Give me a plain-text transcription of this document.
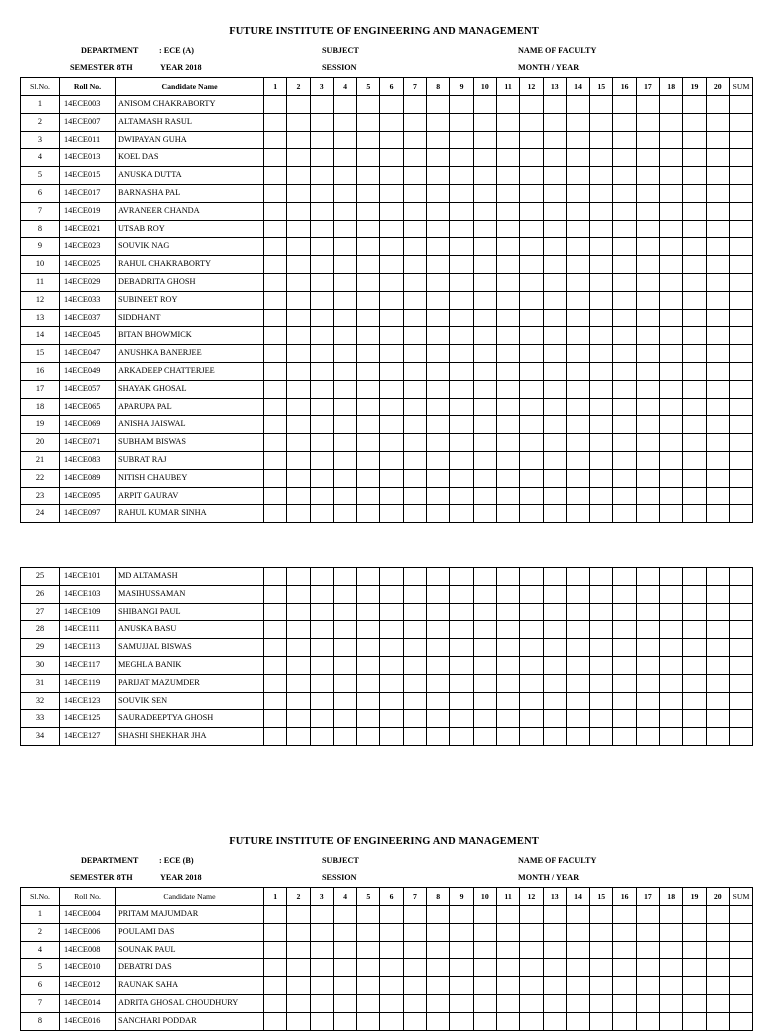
FUTURE INSTITUTE OF ENGINEERING AND MANAGEMENT
DEPARTMENT	: ECE (A)	SUBJECT	NAME OF FACULTY
SEMESTER 8TH	YEAR 2018	SESSION	MONTH / YEAR
Sl.No.	Roll No.	Candidate Name	1	2	3	4	5	6	7	8	9	10	11	12	13	14	15	16	17	18	19	20	SUM
1	14ECE003	ANISOM CHAKRABORTY																					
2	14ECE007	ALTAMASH RASUL																					
3	14ECE011	DWIPAYAN GUHA																					
4	14ECE013	KOEL DAS																					
5	14ECE015	ANUSKA DUTTA																					
6	14ECE017	BARNASHA PAL																					
7	14ECE019	AVRANEER CHANDA																					
8	14ECE021	UTSAB ROY																					
9	14ECE023	SOUVIK NAG																					
10	14ECE025	RAHUL CHAKRABORTY																					
11	14ECE029	DEBADRITA GHOSH																					
12	14ECE033	SUBINEET ROY																					
13	14ECE037	SIDDHANT																					
14	14ECE045	BITAN BHOWMICK																					
15	14ECE047	ANUSHKA BANERJEE																					
16	14ECE049	ARKADEEP CHATTERJEE																					
17	14ECE057	SHAYAK GHOSAL																					
18	14ECE065	APARUPA PAL																					
19	14ECE069	ANISHA JAISWAL																					
20	14ECE071	SUBHAM BISWAS																					
21	14ECE083	SUBRAT RAJ																					
22	14ECE089	NITISH CHAUBEY																					
23	14ECE095	ARPIT GAURAV																					
24	14ECE097	RAHUL KUMAR SINHA																					
25	14ECE101	MD ALTAMASH																					
26	14ECE103	MASIHUSSAMAN																					
27	14ECE109	SHIBANGI PAUL																					
28	14ECE111	ANUSKA BASU																					
29	14ECE113	SAMUJJAL BISWAS																					
30	14ECE117	MEGHLA BANIK																					
31	14ECE119	PARIJAT MAZUMDER																					
32	14ECE123	SOUVIK SEN																					
33	14ECE125	SAURADEEPTYA GHOSH																					
34	14ECE127	SHASHI SHEKHAR JHA																					
FUTURE INSTITUTE OF ENGINEERING AND MANAGEMENT
DEPARTMENT	: ECE (B)	SUBJECT	NAME OF FACULTY
SEMESTER 8TH	YEAR 2018	SESSION	MONTH / YEAR
Sl.No.	Roll No.	Candidate Name	1	2	3	4	5	6	7	8	9	10	11	12	13	14	15	16	17	18	19	20	SUM
1	14ECE004	PRITAM MAJUMDAR																					
2	14ECE006	POULAMI DAS																					
4	14ECE008	SOUNAK PAUL																					
5	14ECE010	DEBATRI DAS																					
6	14ECE012	RAUNAK SAHA																					
7	14ECE014	ADRITA GHOSAL CHOUDHURY																					
8	14ECE016	SANCHARI PODDAR																					
